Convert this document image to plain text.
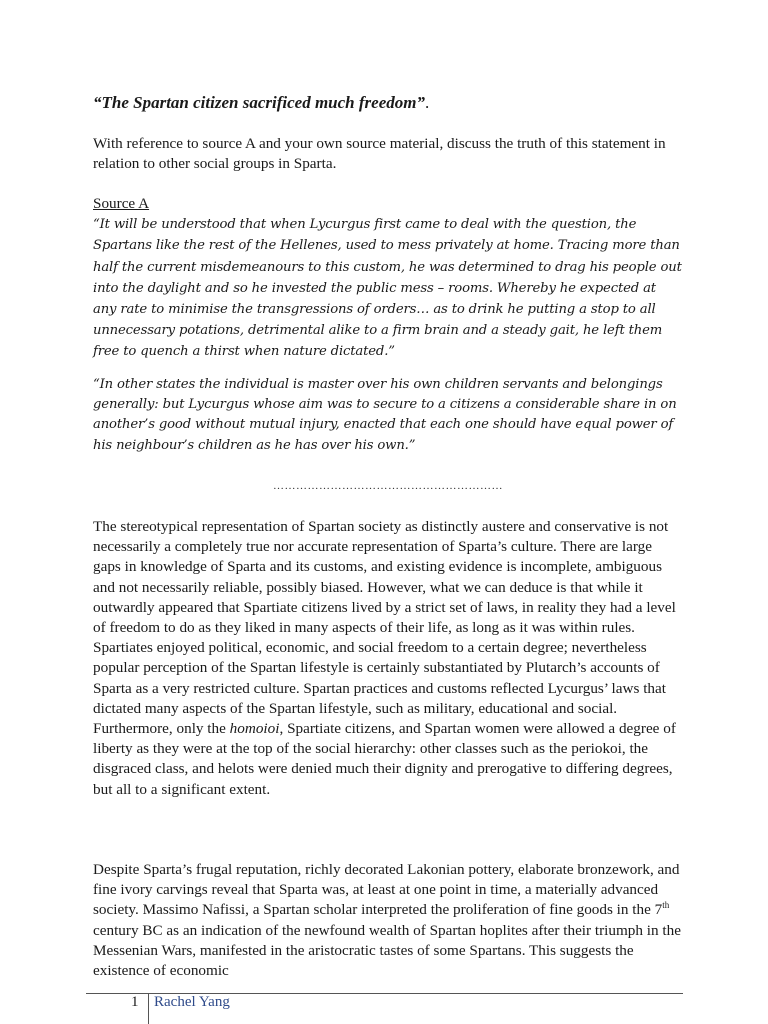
“The Spartan citizen sacrificed much freedom”.

With reference to source A and your own source material, discuss the truth of this statement in relation to other social groups in Sparta.

Source A
“It will be understood that when Lycurgus first came to deal with the question, the Spartans like the rest of the Hellenes, used to mess privately at home. Tracing more than half the current misdemeanours to this custom, he was determined to drag his people out into the daylight and so he invested the public mess – rooms. Whereby he expected at any rate to minimise the transgressions of orders… as to drink he putting a stop to all unnecessary potations, detrimental alike to a firm brain and a steady gait, he left them free to quench a thirst when nature dictated.”

“In other states the individual is master over his own children servants and belongings generally: but Lycurgus whose aim was to secure to a citizens a considerable share in on another’s good without mutual injury, enacted that each one should have equal power of his neighbour’s children as he has over his own.”

……………………………………………………

The stereotypical representation of Spartan society as distinctly austere and conservative is not necessarily a completely true nor accurate representation of Sparta’s culture. There are large gaps in knowledge of Sparta and its customs, and existing evidence is incomplete, ambiguous and not necessarily reliable, possibly biased. However, what we can deduce is that while it outwardly appeared that Spartiate citizens lived by a strict set of laws, in reality they had a level of freedom to do as they liked in many aspects of their life, as long as it was within rules. Spartiates enjoyed political, economic, and social freedom to a certain degree; nevertheless popular perception of the Spartan lifestyle is certainly substantiated by Plutarch’s accounts of Sparta as a very restricted culture. Spartan practices and customs reflected Lycurgus’ laws that dictated many aspects of the Spartan lifestyle, such as military, educational and social. Furthermore, only the homoioi, Spartiate citizens, and Spartan women were allowed a degree of liberty as they were at the top of the social hierarchy: other classes such as the periokoi, the disgraced class, and helots were denied much their dignity and prerogative to differing degrees, but all to a significant extent.

Despite Sparta’s frugal reputation, richly decorated Lakonian pottery, elaborate bronzework, and fine ivory carvings reveal that Sparta was, at least at one point in time, a materially advanced society. Massimo Nafissi, a Spartan scholar interpreted the proliferation of fine goods in the 7th century BC as an indication of the newfound wealth of Spartan hoplites after their triumph in the Messenian Wars, manifested in the aristocratic tastes of some Spartans. This suggests the existence of economic

1 Rachel Yang
